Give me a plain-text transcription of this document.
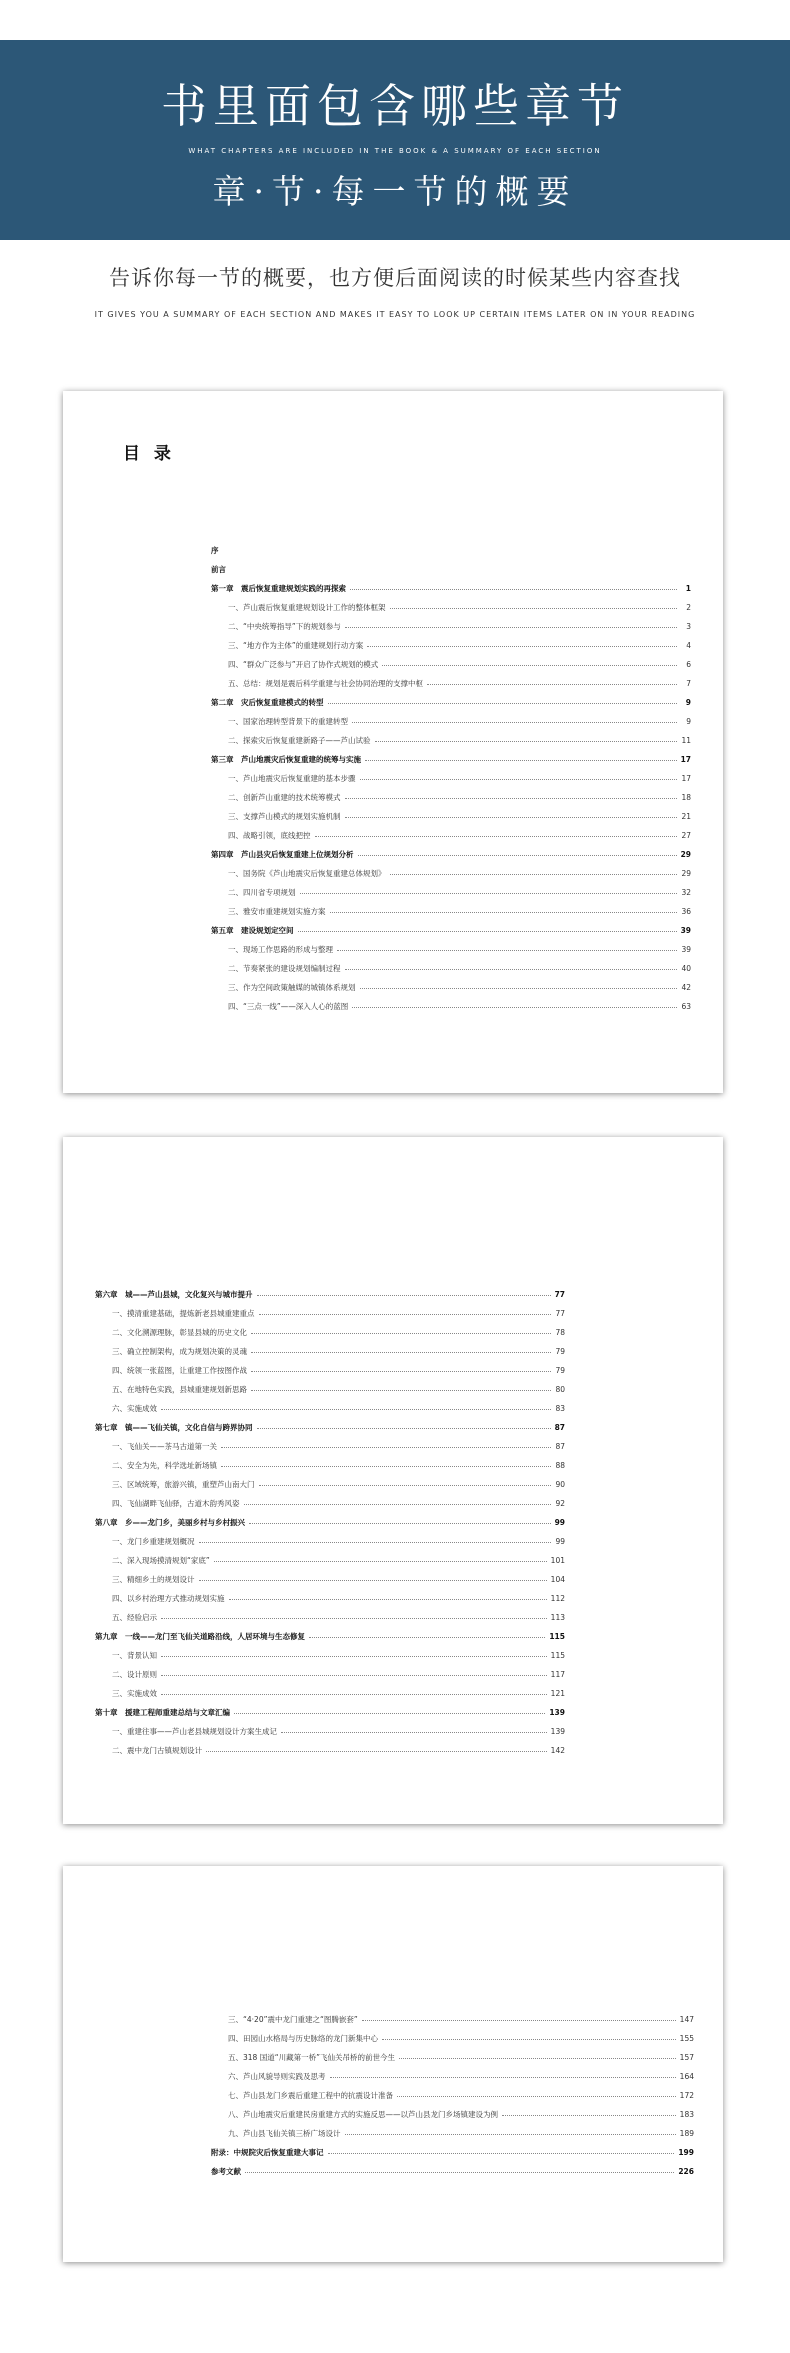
书里面包含哪些章节
WHAT CHAPTERS ARE INCLUDED IN THE BOOK & A SUMMARY OF EACH SECTION
章·节·每一节的概要
告诉你每一节的概要，也方便后面阅读的时候某些内容查找
IT GIVES YOU A SUMMARY OF EACH SECTION AND MAKES IT EASY TO LOOK UP CERTAIN ITEMS LATER ON IN YOUR READING
目 录
序
前言
第一章　震后恢复重建规划实践的再探索	1
一、芦山震后恢复重建规划设计工作的整体框架	2
二、“中央统筹指导”下的规划参与	3
三、“地方作为主体”的重建规划行动方案	4
四、“群众广泛参与”开启了协作式规划的模式	6
五、总结：规划是震后科学重建与社会协同治理的支撑中枢	7
第二章　灾后恢复重建模式的转型	9
一、国家治理转型背景下的重建转型	9
二、探索灾后恢复重建新路子——芦山试验	11
第三章　芦山地震灾后恢复重建的统筹与实施	17
一、芦山地震灾后恢复重建的基本步骤	17
二、创新芦山重建的技术统筹模式	18
三、支撑芦山模式的规划实施机制	21
四、战略引领，底线把控	27
第四章　芦山县灾后恢复重建上位规划分析	29
一、国务院《芦山地震灾后恢复重建总体规划》	29
二、四川省专项规划	32
三、雅安市重建规划实施方案	36
第五章　建设规划定空间	39
一、现场工作思路的形成与整理	39
二、节奏紧张的建设规划编制过程	40
三、作为空间政策触媒的城镇体系规划	42
四、“三点一线”——深入人心的蓝图	63
第六章　城——芦山县城，文化复兴与城市提升	77
一、摸清重建基础，提炼新老县城重建重点	77
二、文化溯源理脉，彰显县城的历史文化	78
三、确立控制架构，成为规划决策的灵魂	79
四、统领一张蓝图，让重建工作按图作战	79
五、在地特色实践，县城重建规划新思路	80
六、实施成效	83
第七章　镇——飞仙关镇，文化自信与跨界协同	87
一、飞仙关——茶马古道第一关	87
二、安全为先，科学选址新场镇	88
三、区域统筹，旅游兴镇，重塑芦山南大门	90
四、飞仙湖畔飞仙驿，古道木韵秀风姿	92
第八章　乡——龙门乡，美丽乡村与乡村振兴	99
一、龙门乡重建规划概况	99
二、深入现场摸清规划“家底”	101
三、精细乡土的规划设计	104
四、以乡村治理方式推动规划实施	112
五、经验启示	113
第九章　一线——龙门至飞仙关道路沿线，人居环境与生态修复	115
一、背景认知	115
二、设计原则	117
三、实施成效	121
第十章　援建工程师重建总结与文章汇编	139
一、重建往事——芦山老县城规划设计方案生成记	139
二、震中龙门古镇规划设计	142
三、“4·20”震中龙门重建之“图腾嵌套”	147
四、田园山水格局与历史脉络的龙门新集中心	155
五、318 国道“川藏第一桥”飞仙关吊桥的前世今生	157
六、芦山风貌导则实践及思考	164
七、芦山县龙门乡震后重建工程中的抗震设计准备	172
八、芦山地震灾后重建民房重建方式的实施反思——以芦山县龙门乡场镇建设为例	183
九、芦山县飞仙关镇三桥广场设计	189
附录：中规院灾后恢复重建大事记	199
参考文献	226
